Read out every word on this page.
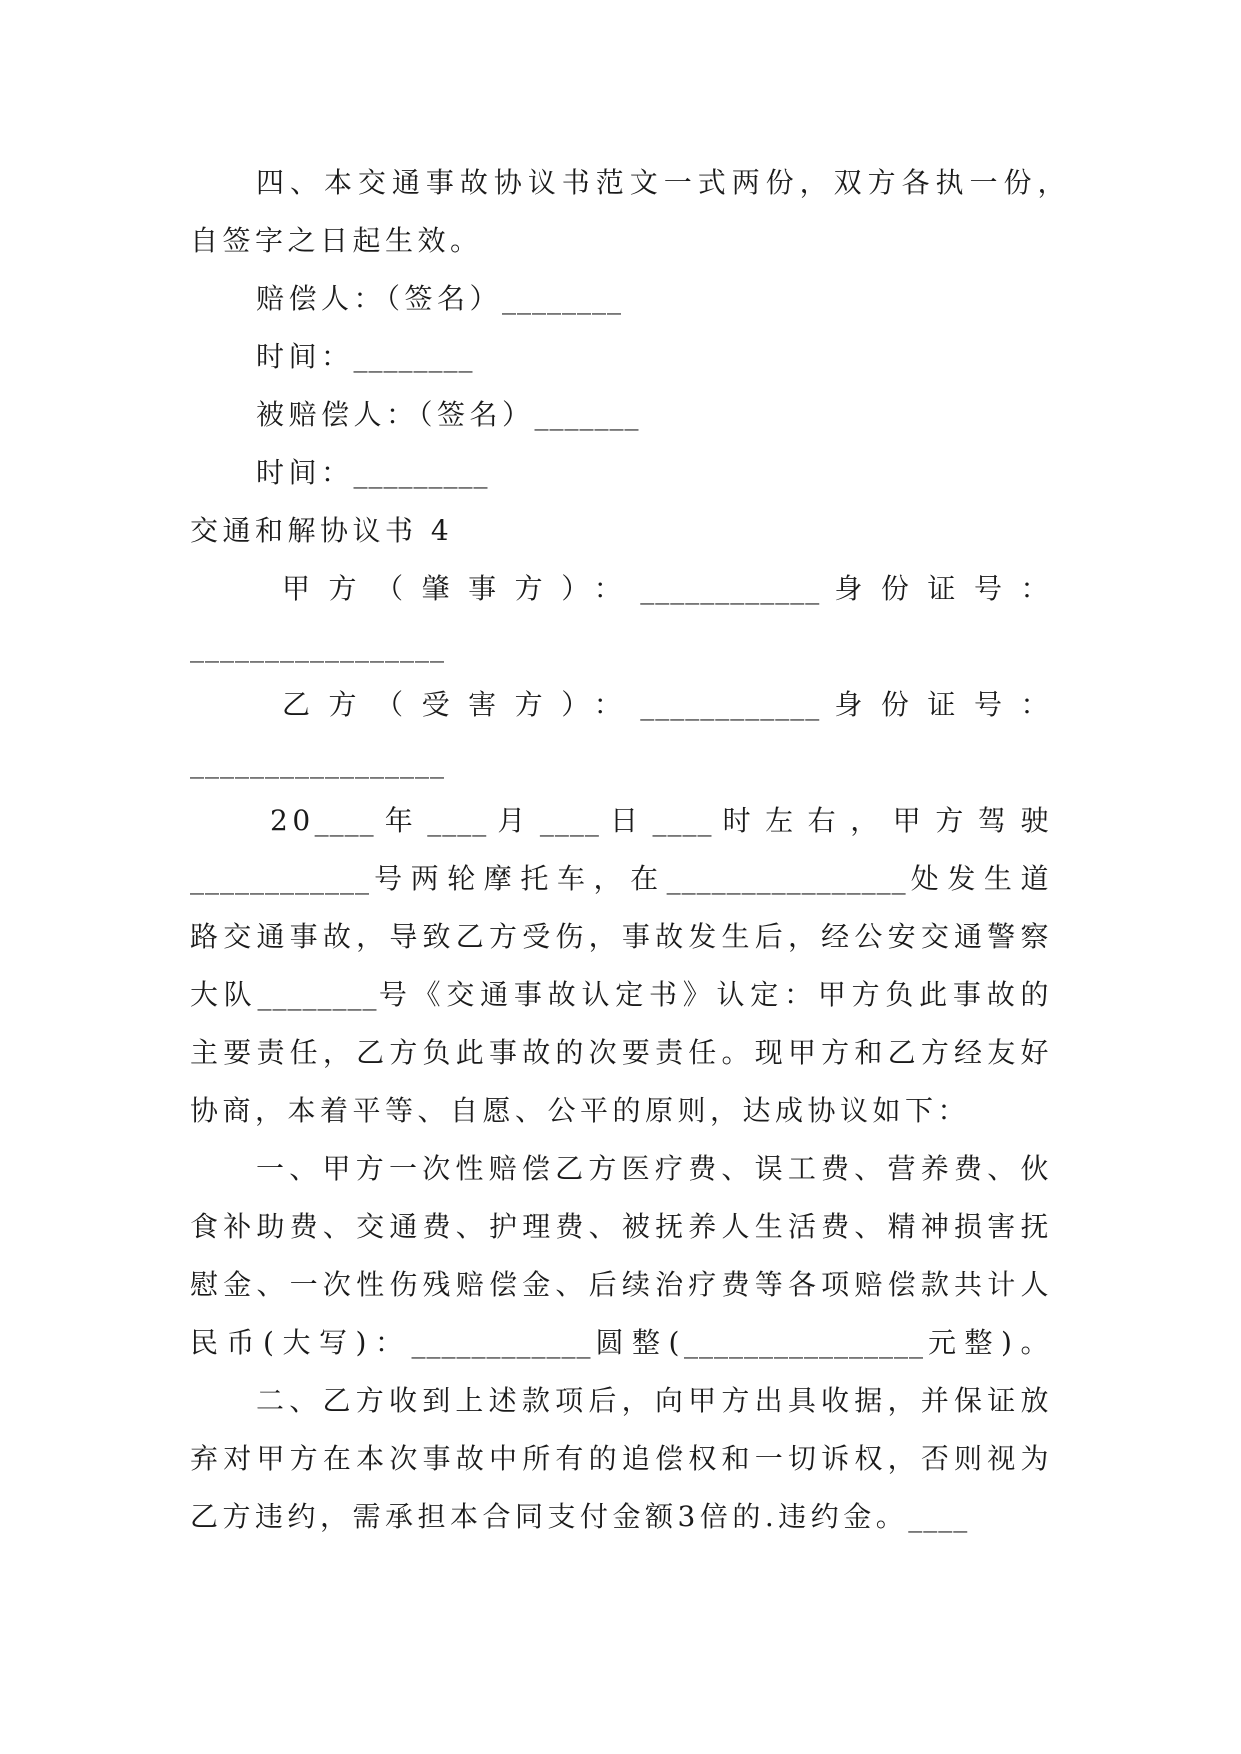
四、本交通事故协议书范文一式两份，双方各执一份，
自签字之日起生效。
赔偿人：（签名）________
时间：________
被赔偿人：（签名）_______
时间：_________
交通和解协议书 4
甲方（肇事方）：____________身份证号：
_________________
乙方（受害方）：____________身份证号：
_________________
20____年____月____日____时左右，甲方驾驶
____________号两轮摩托车，在________________处发生道
路交通事故，导致乙方受伤，事故发生后，经公安交通警察
大队________号《交通事故认定书》认定：甲方负此事故的
主要责任，乙方负此事故的次要责任。现甲方和乙方经友好
协商，本着平等、自愿、公平的原则，达成协议如下：
一、甲方一次性赔偿乙方医疗费、误工费、营养费、伙
食补助费、交通费、护理费、被抚养人生活费、精神损害抚
慰金、一次性伤残赔偿金、后续治疗费等各项赔偿款共计人
民币(大写)：____________圆整(________________元整)。
二、乙方收到上述款项后，向甲方出具收据，并保证放
弃对甲方在本次事故中所有的追偿权和一切诉权，否则视为
乙方违约，需承担本合同支付金额3倍的.违约金。____
